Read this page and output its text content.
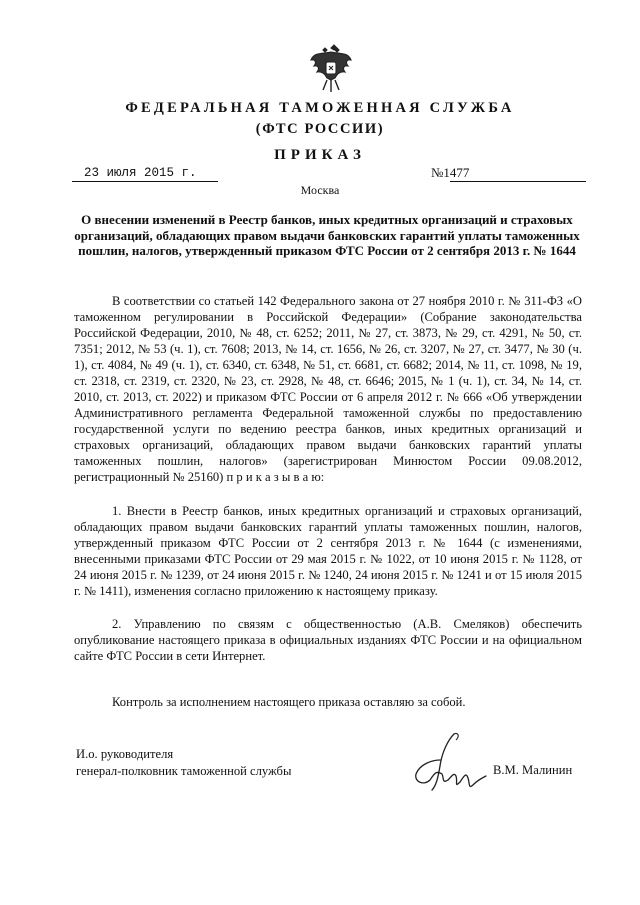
ФЕДЕРАЛЬНАЯ ТАМОЖЕННАЯ СЛУЖБА
(ФТС РОССИИ)
ПРИКАЗ
23 июля 2015 г.	№1477
Москва
О внесении изменений в Реестр банков, иных кредитных организаций и страховых организаций, обладающих правом выдачи банковских гарантий уплаты таможенных пошлин, налогов, утвержденный приказом ФТС России от 2 сентября 2013 г. № 1644

В соответствии со статьей 142 Федерального закона от 27 ноября 2010 г. № 311-ФЗ «О таможенном регулировании в Российской Федерации» (Собрание законодательства Российской Федерации, 2010, № 48, ст. 6252; 2011, № 27, ст. 3873, № 29, ст. 4291, № 50, ст. 7351; 2012, № 53 (ч. 1), ст. 7608; 2013, № 14, ст. 1656, № 26, ст. 3207, № 27, ст. 3477, № 30 (ч. 1), ст. 4084, № 49 (ч. 1), ст. 6340, ст. 6348, № 51, ст. 6681, ст. 6682; 2014, № 11, ст. 1098, № 19, ст. 2318, ст. 2319, ст. 2320, № 23, ст. 2928, № 48, ст. 6646; 2015, № 1 (ч. 1), ст. 34, № 14, ст. 2010, ст. 2013, ст. 2022) и приказом ФТС России от 6 апреля 2012 г. № 666 «Об утверждении Административного регламента Федеральной таможенной службы по предоставлению государственной услуги по ведению реестра банков, иных кредитных организаций и страховых организаций, обладающих правом выдачи банковских гарантий уплаты таможенных пошлин, налогов» (зарегистрирован Минюстом России 09.08.2012, регистрационный № 25160) п р и к а з ы в а ю:

1. Внести в Реестр банков, иных кредитных организаций и страховых организаций, обладающих правом выдачи банковских гарантий уплаты таможенных пошлин, налогов, утвержденный приказом ФТС России от 2 сентября 2013 г. № 1644 (с изменениями, внесенными приказами ФТС России от 29 мая 2015 г. № 1022, от 10 июня 2015 г. № 1128, от 24 июня 2015 г. № 1239, от 24 июня 2015 г. № 1240, 24 июня 2015 г. № 1241 и от 15 июля 2015 г. № 1411), изменения согласно приложению к настоящему приказу.

2. Управлению по связям с общественностью (А.В. Смеляков) обеспечить опубликование настоящего приказа в официальных изданиях ФТС России и на официальном сайте ФТС России в сети Интернет.

Контроль за исполнением настоящего приказа оставляю за собой.
И.о. руководителя
генерал-полковник таможенной службы	В.М. Малинин
